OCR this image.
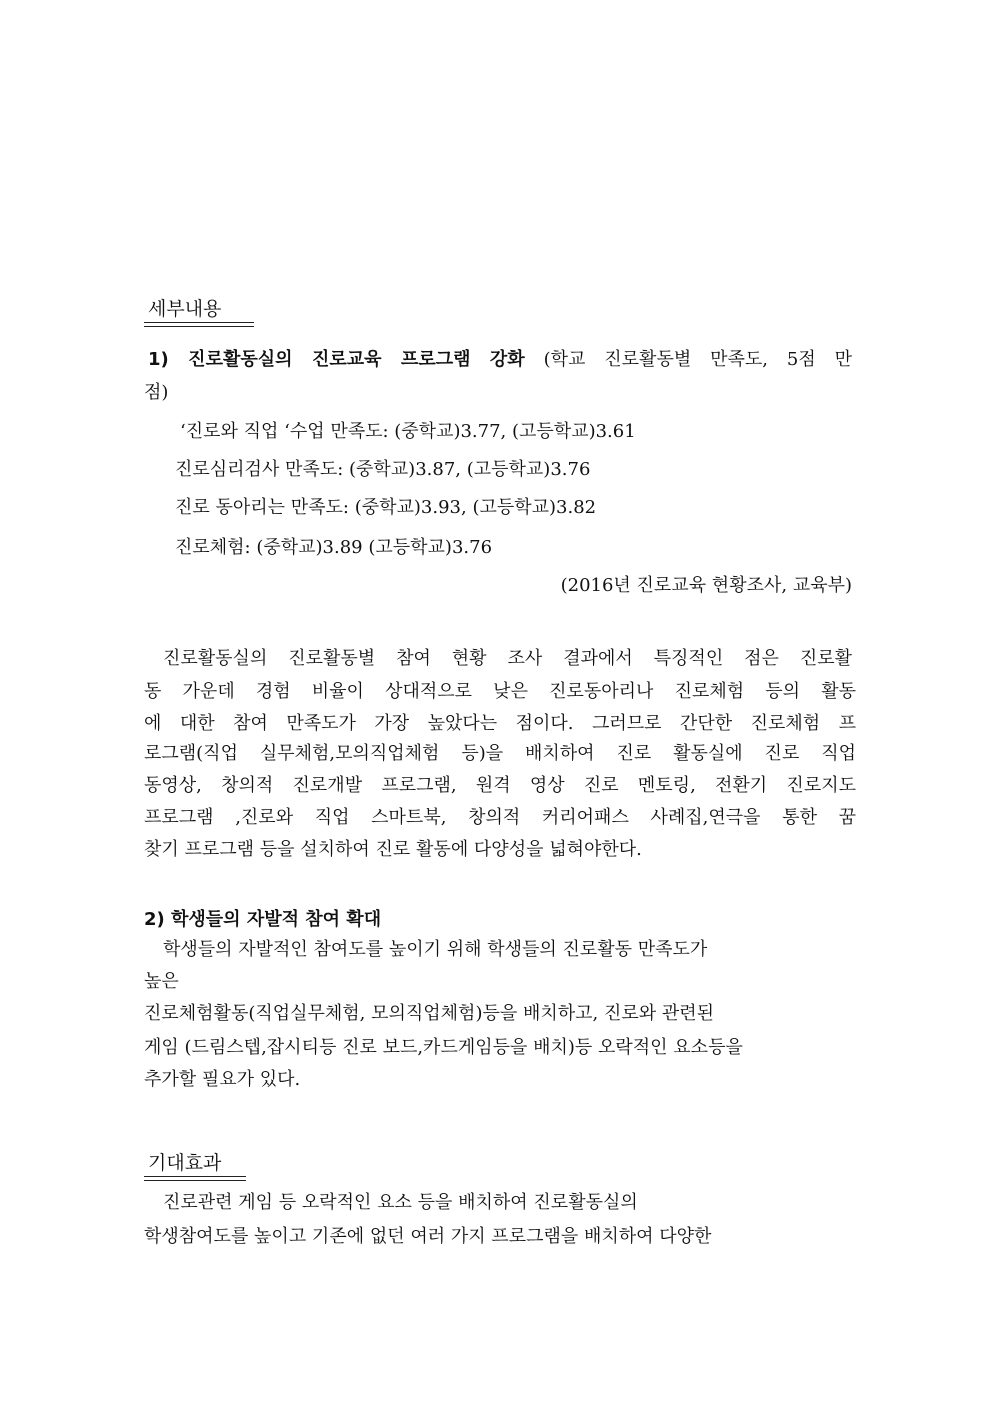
세부내용
1) 진로활동실의 진로교육 프로그램 강화 (학교 진로활동별 만족도, 5점 만
점)
‘진로와 직업 ‘수업 만족도: (중학교)3.77, (고등학교)3.61
진로심리검사 만족도: (중학교)3.87, (고등학교)3.76
진로 동아리는 만족도: (중학교)3.93, (고등학교)3.82
진로체험: (중학교)3.89 (고등학교)3.76
(2016년 진로교육 현황조사, 교육부)
진로활동실의 진로활동별 참여 현황 조사 결과에서 특징적인 점은 진로활
동 가운데 경험 비율이 상대적으로 낮은 진로동아리나 진로체험 등의 활동
에 대한 참여 만족도가 가장 높았다는 점이다. 그러므로 간단한 진로체험 프
로그램(직업 실무체험,모의직업체험 등)을 배치하여 진로 활동실에 진로 직업
동영상, 창의적 진로개발 프로그램, 원격 영상 진로 멘토링, 전환기 진로지도
프로그램 ,진로와 직업 스마트북, 창의적 커리어패스 사례집,연극을 통한 꿈
찾기 프로그램 등을 설치하여 진로 활동에 다양성을 넓혀야한다.
2) 학생들의 자발적 참여 확대
학생들의 자발적인 참여도를 높이기 위해 학생들의 진로활동 만족도가
높은
진로체험활동(직업실무체험, 모의직업체험)등을 배치하고, 진로와 관련된
게임 (드림스텝,잡시티등 진로 보드,카드게임등을 배치)등 오락적인 요소등을
추가할 필요가 있다.
기대효과
진로관련 게임 등 오락적인 요소 등을 배치하여 진로활동실의
학생참여도를 높이고 기존에 없던 여러 가지 프로그램을 배치하여 다양한
